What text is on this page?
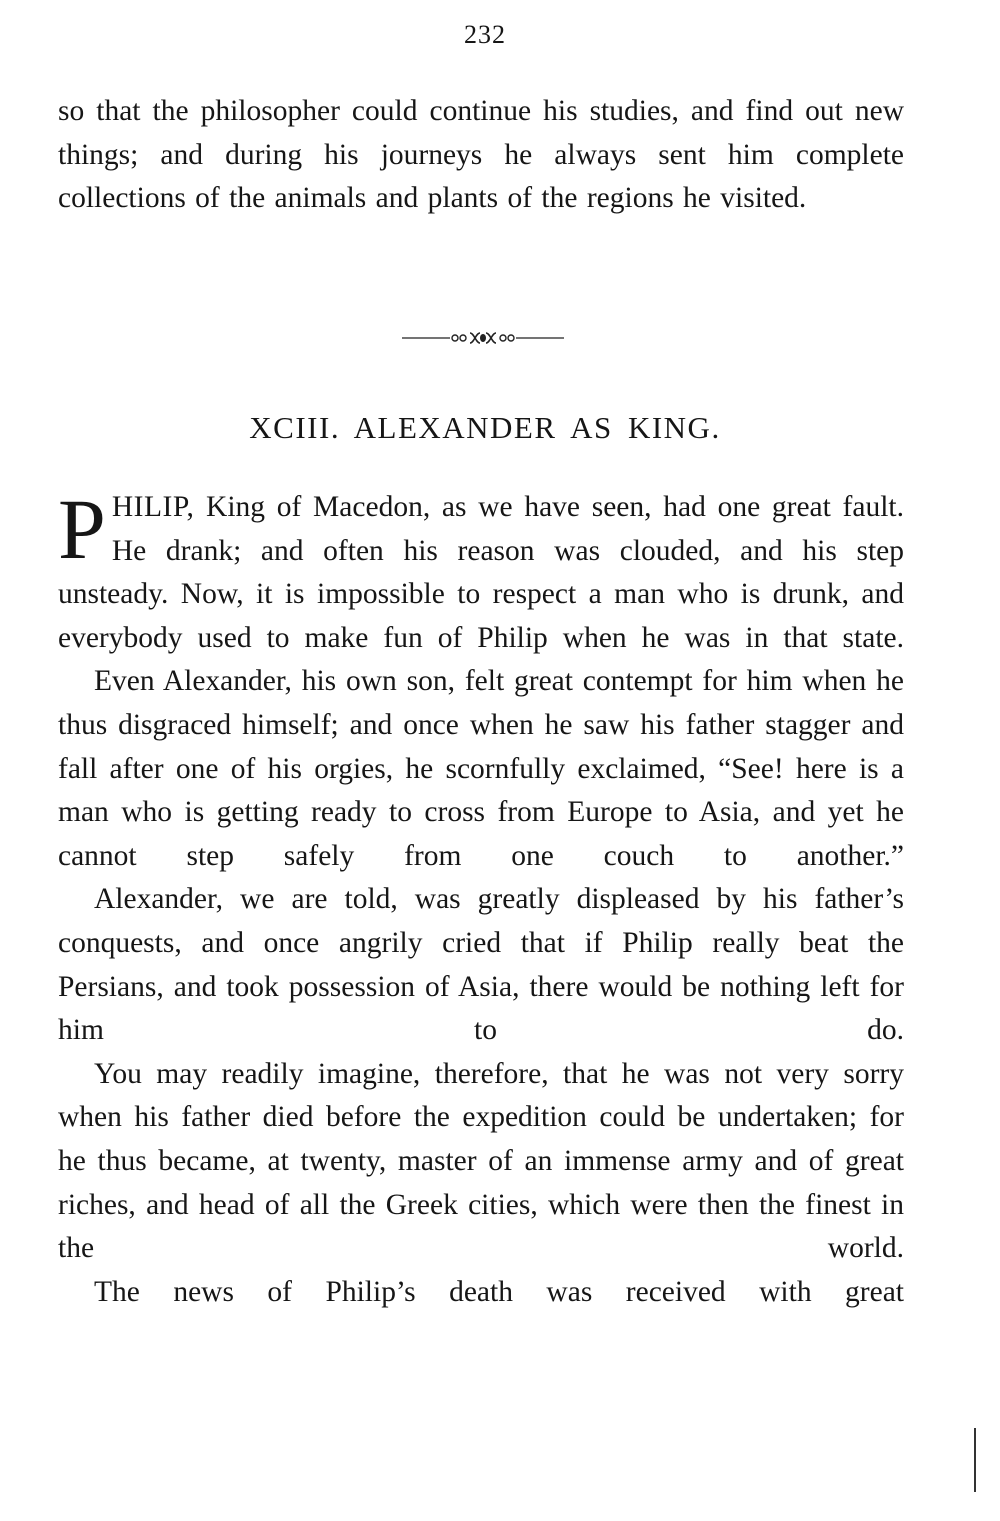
232

so that the philosopher could continue his studies, and find out new things; and during his journeys he always sent him complete collections of the animals and plants of the regions he visited.

XCIII. ALEXANDER AS KING.

PHILIP, King of Macedon, as we have seen, had one great fault. He drank; and often his reason was clouded, and his step unsteady. Now, it is impossible to respect a man who is drunk, and everybody used to make fun of Philip when he was in that state.

Even Alexander, his own son, felt great contempt for him when he thus disgraced himself; and once when he saw his father stagger and fall after one of his orgies, he scornfully exclaimed, “See! here is a man who is getting ready to cross from Europe to Asia, and yet he cannot step safely from one couch to another.”

Alexander, we are told, was greatly displeased by his father’s conquests, and once angrily cried that if Philip really beat the Persians, and took possession of Asia, there would be nothing left for him to do.

You may readily imagine, therefore, that he was not very sorry when his father died before the expedition could be undertaken; for he thus became, at twenty, master of an immense army and of great riches, and head of all the Greek cities, which were then the finest in the world.

The news of Philip’s death was received with great
